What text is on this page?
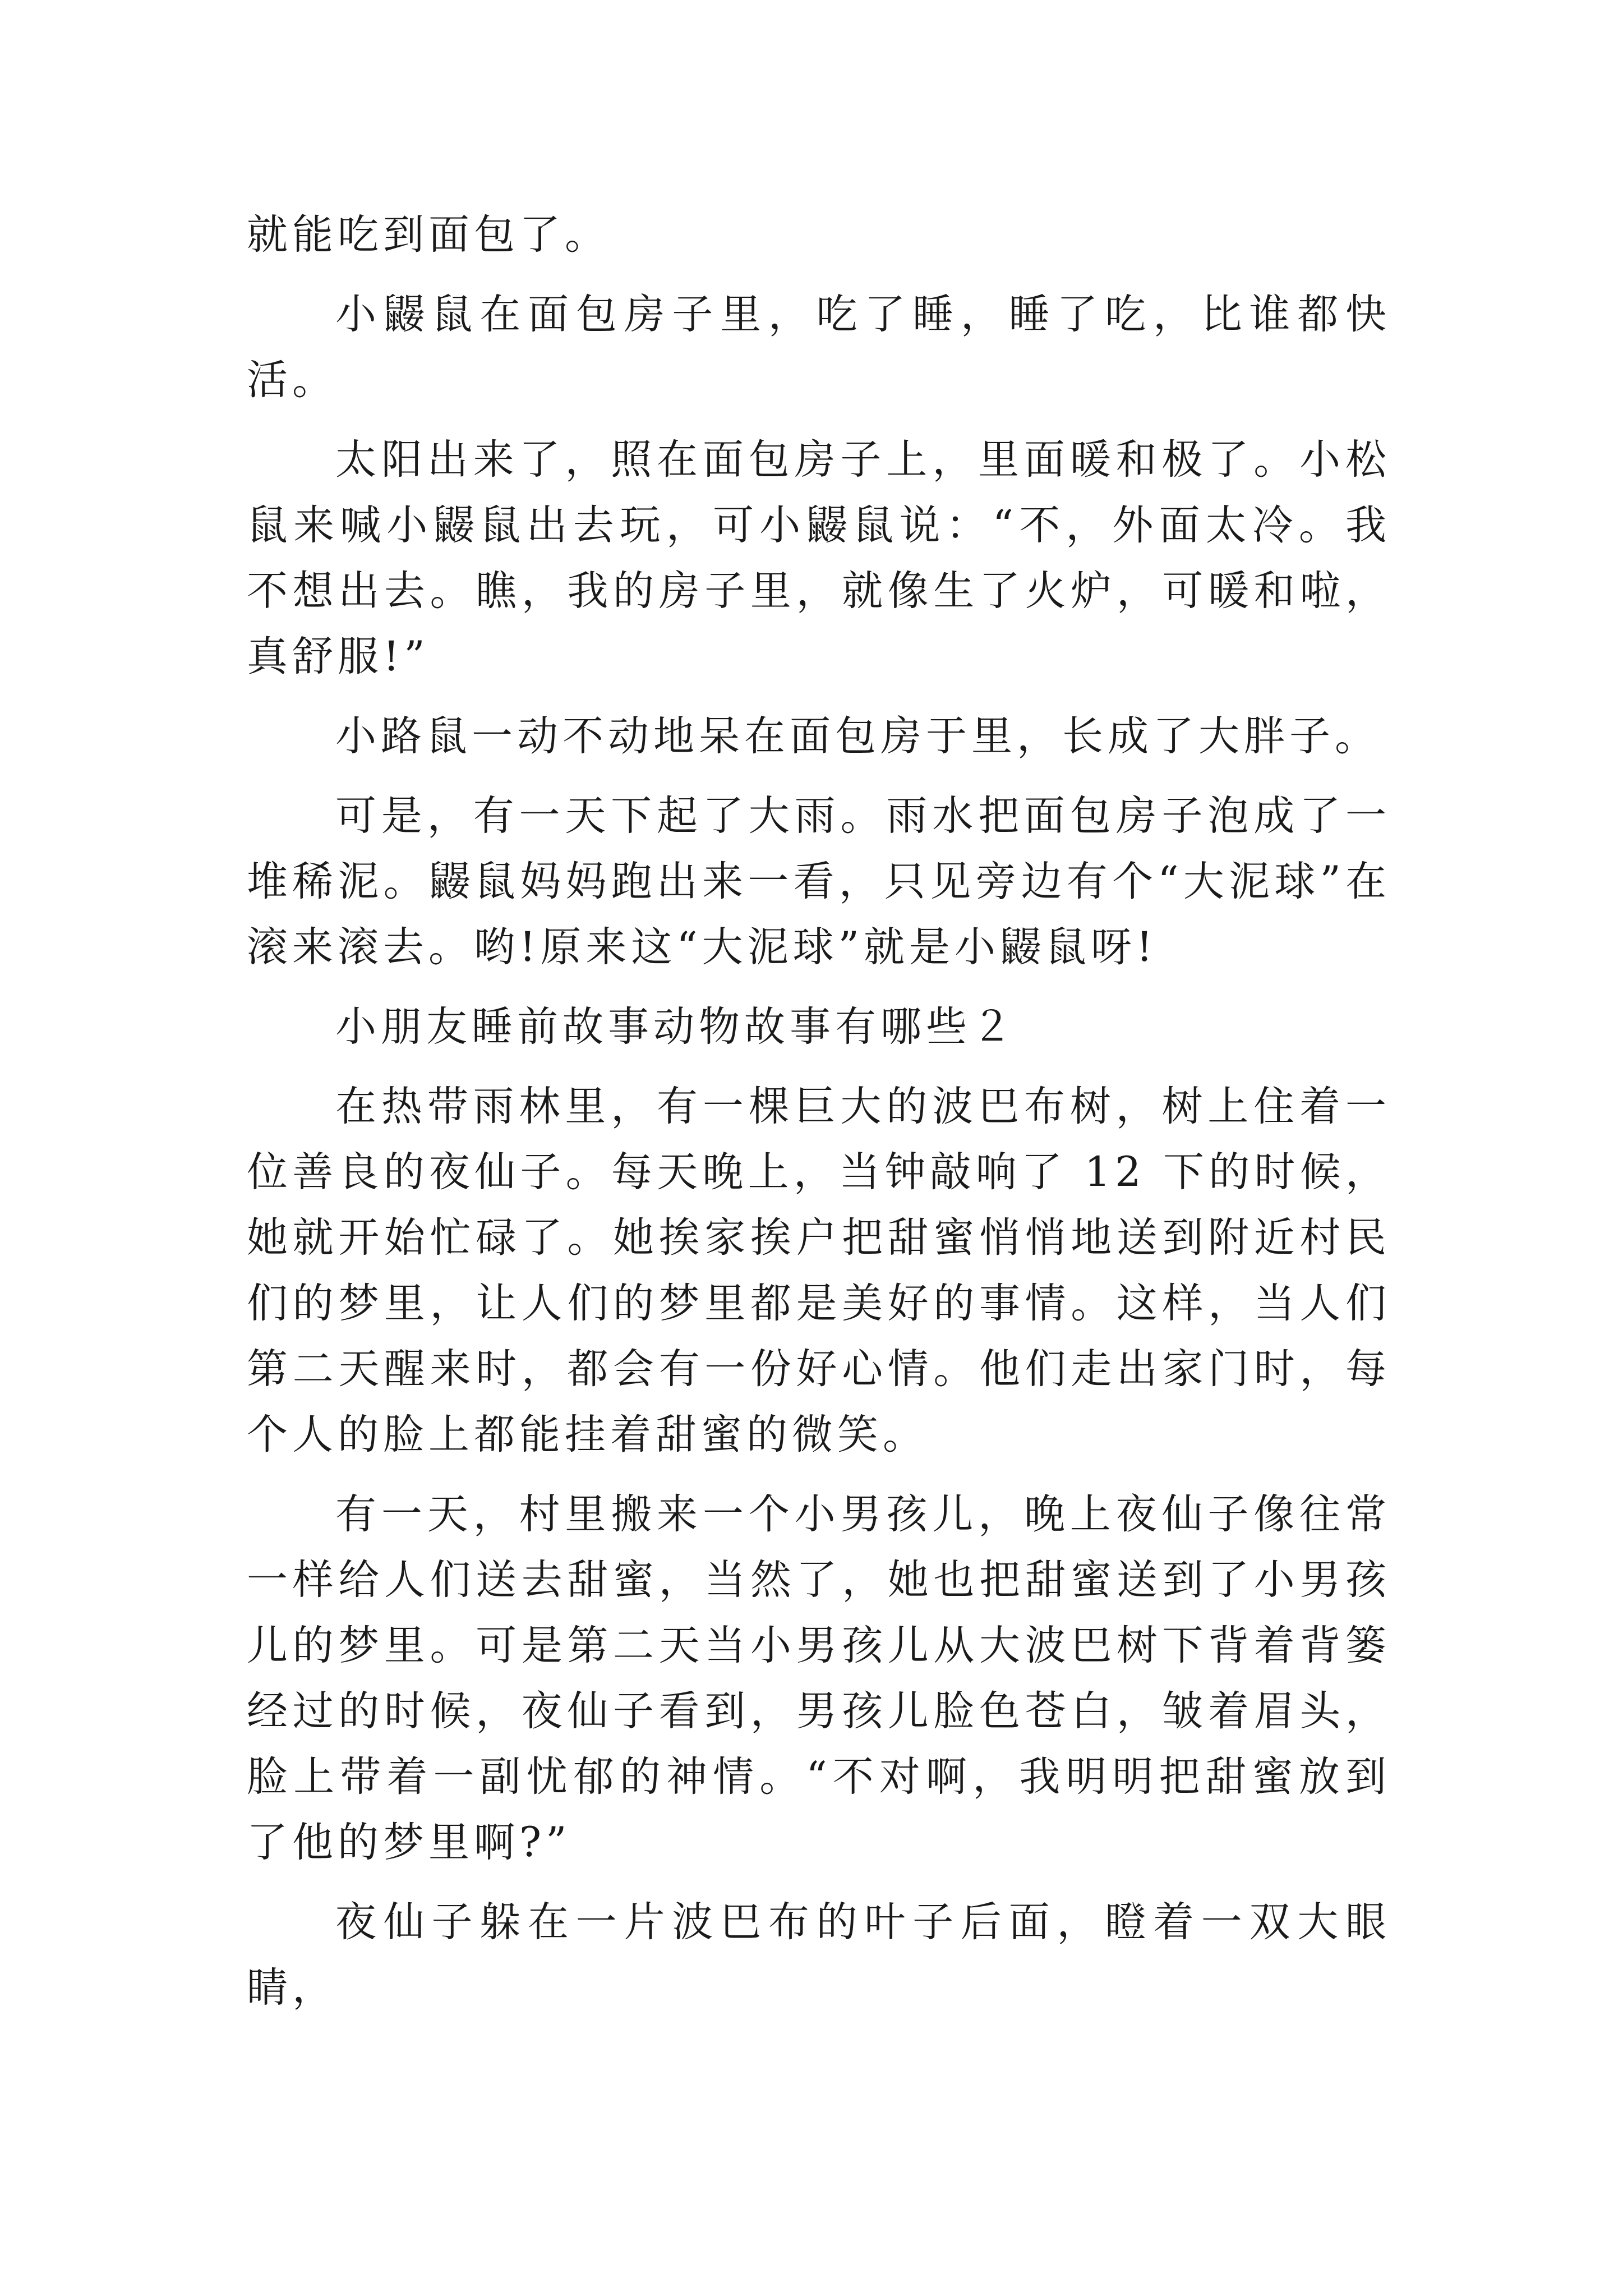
就能吃到面包了。

小鼹鼠在面包房子里，吃了睡，睡了吃，比谁都快活。

太阳出来了，照在面包房子上，里面暖和极了。小松鼠来喊小鼹鼠出去玩，可小鼹鼠说：“不，外面太冷。我不想出去。瞧，我的房子里，就像生了火炉，可暖和啦，真舒服!”

小路鼠一动不动地呆在面包房于里，长成了大胖子。

可是，有一天下起了大雨。雨水把面包房子泡成了一堆稀泥。鼹鼠妈妈跑出来一看，只见旁边有个“大泥球”在滚来滚去。哟!原来这“大泥球”就是小鼹鼠呀!

小朋友睡前故事动物故事有哪些２

在热带雨林里，有一棵巨大的波巴布树，树上住着一位善良的夜仙子。每天晚上，当钟敲响了 12 下的时候，她就开始忙碌了。她挨家挨户把甜蜜悄悄地送到附近村民们的梦里，让人们的梦里都是美好的事情。这样，当人们第二天醒来时，都会有一份好心情。他们走出家门时，每个人的脸上都能挂着甜蜜的微笑。

有一天，村里搬来一个小男孩儿，晚上夜仙子像往常一样给人们送去甜蜜，当然了，她也把甜蜜送到了小男孩儿的梦里。可是第二天当小男孩儿从大波巴树下背着背篓经过的时候，夜仙子看到，男孩儿脸色苍白，皱着眉头，脸上带着一副忧郁的神情。“不对啊，我明明把甜蜜放到了他的梦里啊?”

夜仙子躲在一片波巴布的叶子后面，瞪着一双大眼睛，
